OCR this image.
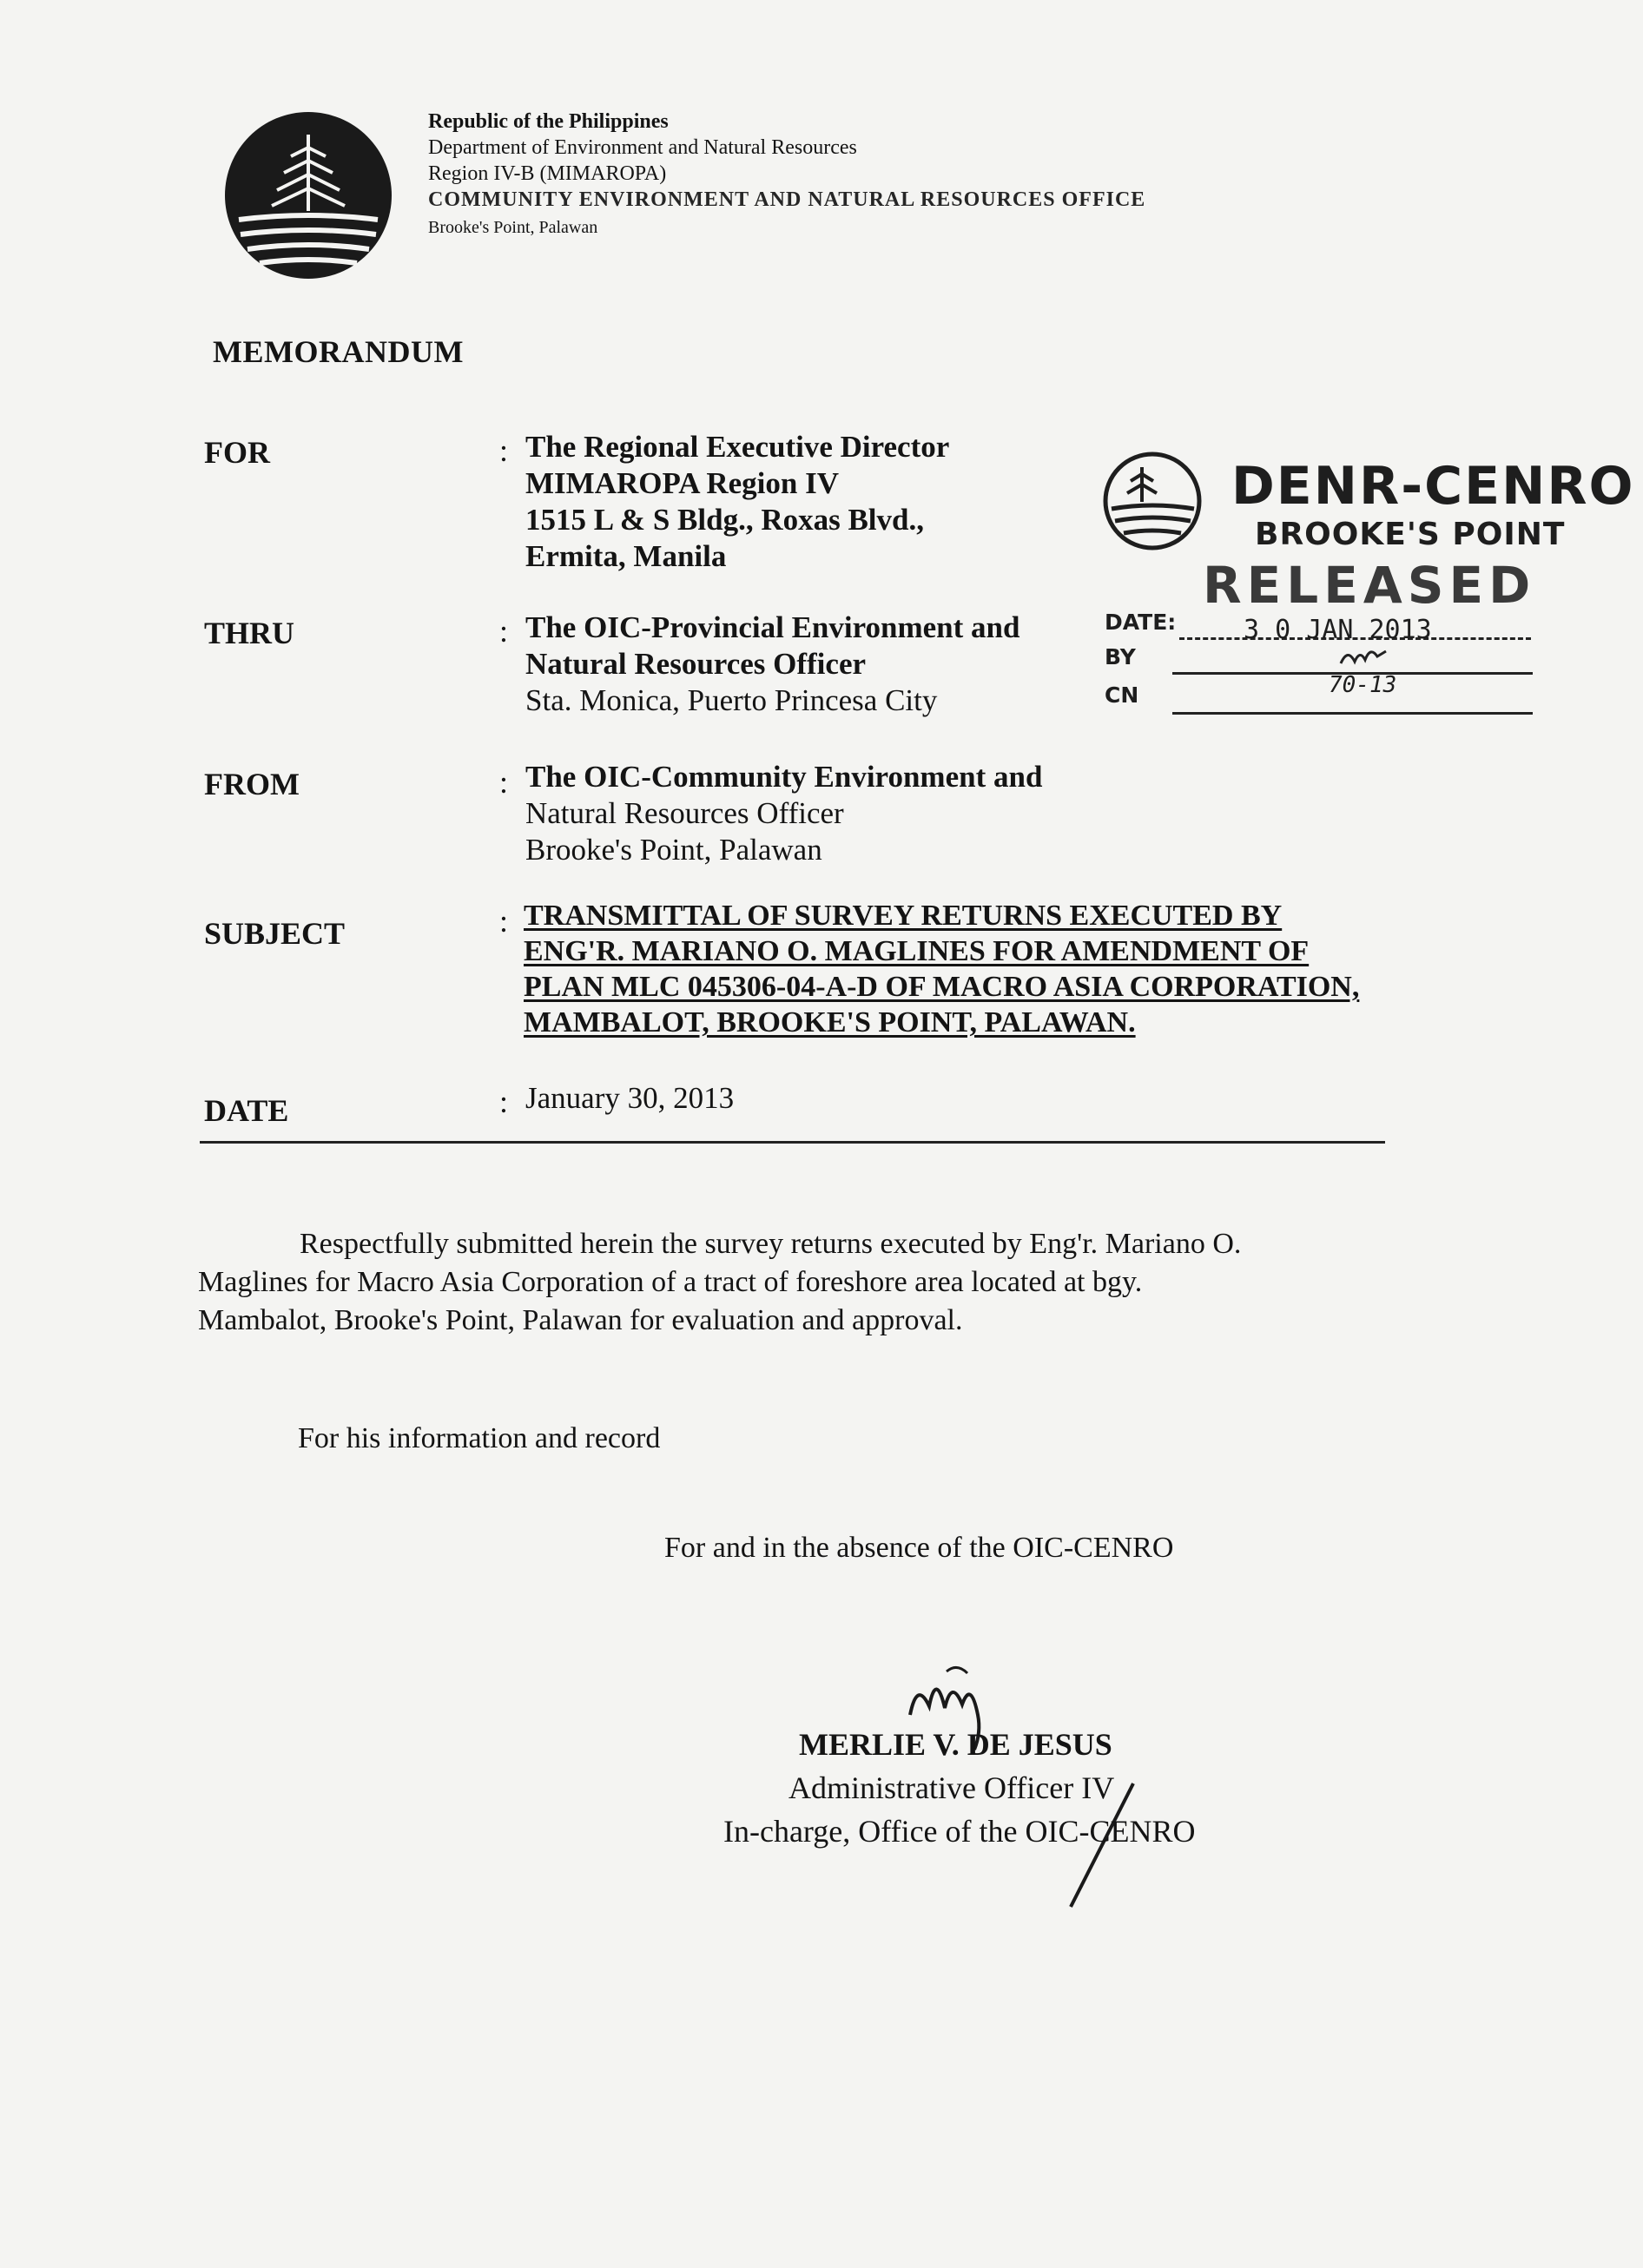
Republic of the Philippines
Department of Environment and Natural Resources
Region IV-B (MIMAROPA)
COMMUNITY ENVIRONMENT AND NATURAL RESOURCES OFFICE
Brooke's Point, Palawan
MEMORANDUM
FOR	: The Regional Executive Director
MIMAROPA Region IV
1515 L & S Bldg., Roxas Blvd.,
Ermita, Manila
THRU	: The OIC-Provincial Environment and
Natural Resources Officer
Sta. Monica, Puerto Princesa City
FROM	: The OIC-Community Environment and
Natural Resources Officer
Brooke's Point, Palawan
SUBJECT	: TRANSMITTAL OF SURVEY RETURNS EXECUTED BY
ENG'R. MARIANO O. MAGLINES FOR AMENDMENT OF
PLAN MLC 045306-04-A-D OF MACRO ASIA CORPORATION,
MAMBALOT, BROOKE'S POINT, PALAWAN.
DATE	: January 30, 2013
DENR-CENRO
BROOKE'S POINT
RELEASED
DATE:	3 0 JAN 2013
BY
CN	70-13
Respectfully submitted herein the survey returns executed by Eng'r. Mariano O.
Maglines for Macro Asia Corporation of a tract of foreshore area located at bgy.
Mambalot, Brooke's Point, Palawan for evaluation and approval.
For his information and record
For and in the absence of the OIC-CENRO
MERLIE V. DE JESUS
Administrative Officer IV
In-charge, Office of the OIC-CENRO
